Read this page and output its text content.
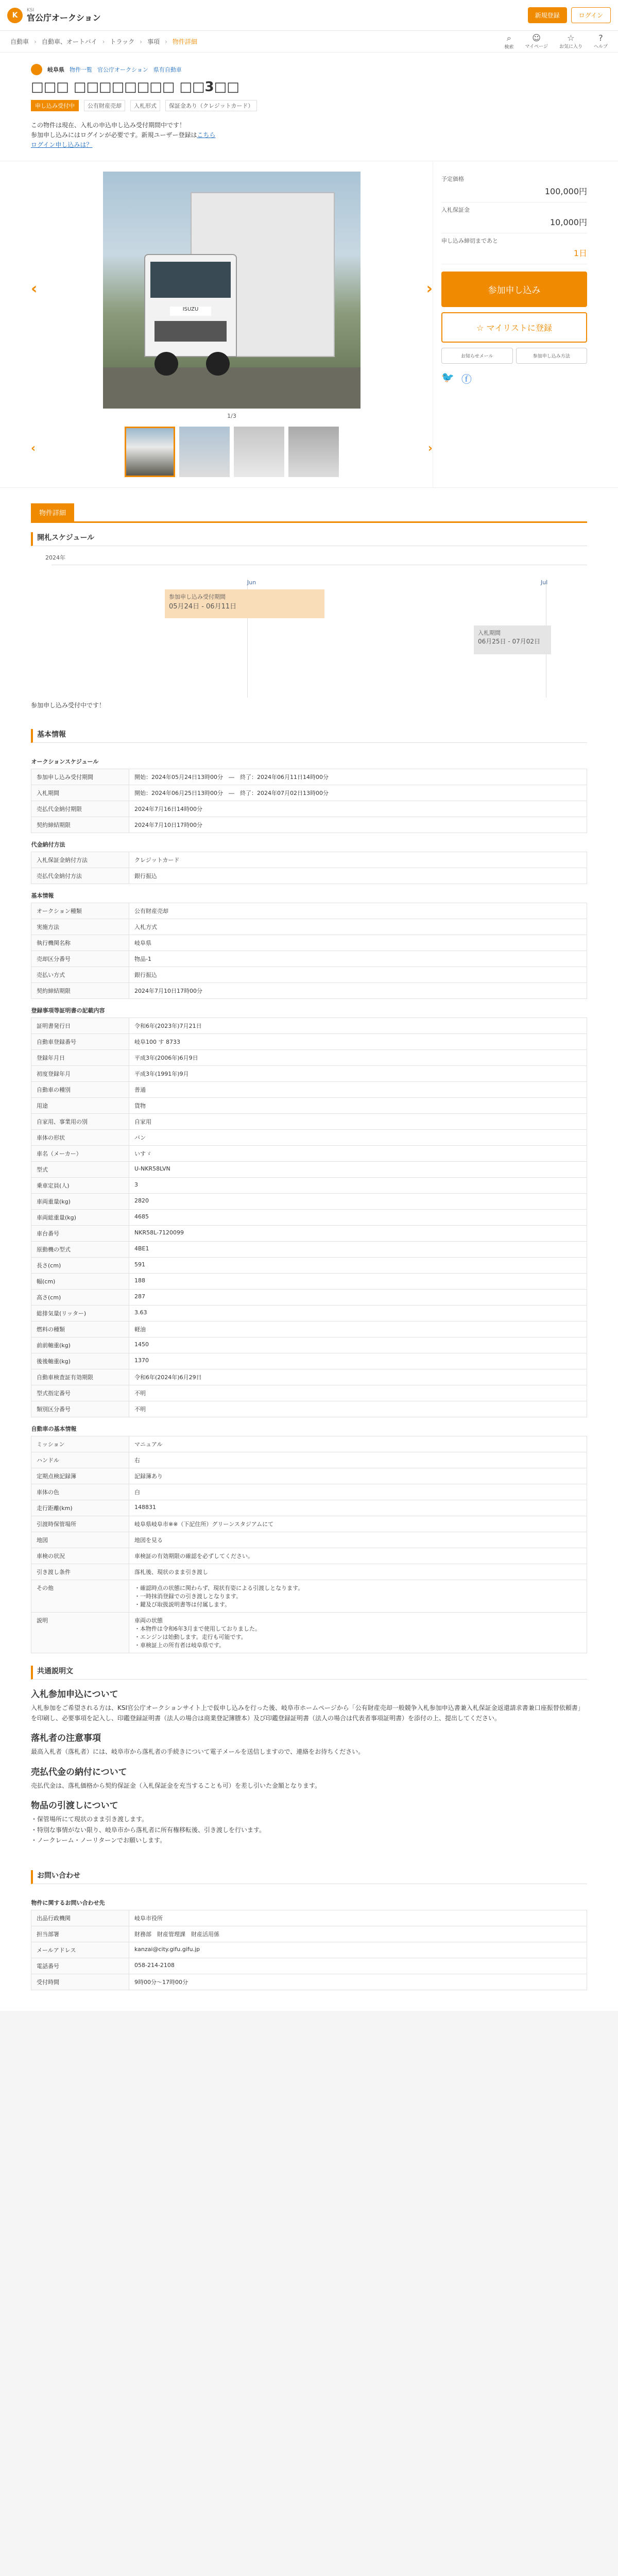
K
KSI
官公庁オークション	新規登録	ログイン
自動車 › 自動車、オートバイ › トラック › 事項 › 物件詳細	⌕
検索
☺
マイページ
☆
お気に入り
?
ヘルプ
岐阜県 物件一覧 官公庁オークション 県有自動車
□□□ □□□□□□□□ □□3□□
申し込み受付中	公有財産売却	入札形式	保証金あり（クレジットカード）
この物件は現在、入札の申込申し込み受付期間中です！
参加申し込みにはログインが必要です。新規ユーザー登録はこちら
ログイン申し込みは？
ISUZU
‹	›
1/3
‹	›
予定価格
100,000円
入札保証金
10,000円
申し込み締切まであと
1日
参加申し込み
☆ マイリストに登録
お知らせメール	参加申し込み方法
🐦 ⓕ
物件詳細
開札スケジュール
2024年
Jun	Jul
参加申し込み受付期間
05月24日 - 06月11日
入札期間
06月25日 - 07月02日
参加申し込み受付中です！
基本情報
オークションスケジュール	
参加申し込み受付期間	開始：2024年05月24日13時00分　―　終了：2024年06月11日14時00分
入札期間	開始：2024年06月25日13時00分　―　終了：2024年07月02日13時00分
売払代金納付期限	2024年7月16日14時00分
契約締結期限	2024年7月10日17時00分
代金納付方法	
入札保証金納付方法	クレジットカード
売払代金納付方法	銀行振込
基本情報	
オークション種類	公有財産売却
実施方法	入札方式
執行機関名称	岐阜県
売却区分番号	物品-1
売払い方式	銀行振込
契約締結期限	2024年7月10日17時00分
登録事項等証明書の記載内容	
証明書発行日	令和6年(2023年)7月21日
自動車登録番号	岐阜100 す 8733
登録年月日	平成3年(2006年)6月9日
初度登録年月	平成3年(1991年)9月
自動車の種別	普通
用途	貨物
自家用、事業用の別	自家用
車体の形状	バン
車名（メーカー）	いすゞ
型式	U-NKR58LVN
乗車定員(人)	3
車両重量(kg)	2820
車両総重量(kg)	4685
車台番号	NKR58L-7120099
原動機の型式	4BE1
長さ(cm)	591
幅(cm)	188
高さ(cm)	287
総排気量(リッター)	3.63
燃料の種類	軽油
前前軸重(kg)	1450
後後軸重(kg)	1370
自動車検査証有効期限	令和6年(2024年)6月29日
型式指定番号	不明
類別区分番号	不明
自動車の基本情報	
ミッション	マニュアル
ハンドル	右
定期点検記録簿	記録簿あり
車体の色	白
走行距離(km)	148831
引渡時保管場所	岐阜県岐阜市※※（下記住所）グリーンスタジアムにて
地図	地図を見る
車検の状況	車検証の有効期限の確認を必ずしてください。
引き渡し条件	落札後、現状のまま引き渡し
その他	・確認時点の状態に関わらず、現状有姿による引渡しとなります。
・一時抹消登録での引き渡しとなります。
・鍵及び取扱説明書等は付属します。
説明	車両の状態
・本物件は令和6年3月まで使用しておりました。
・エンジンは始動します。走行も可能です。
・車検証上の所有者は岐阜県です。
共通説明文
入札参加申込について

入札参加をご希望される方は、KSI官公庁オークションサイト上で仮申し込みを行った後、岐阜市ホームページから「公有財産売却一般競争入札参加申込書兼入札保証金返還請求書兼口座振替依頼書」を印刷し、必要事項を記入し、印鑑登録証明書（法人の場合は商業登記簿謄本）及び印鑑登録証明書（法人の場合は代表者事項証明書）を添付の上、提出してください。

落札者の注意事項

最高入札者（落札者）には、岐阜市から落札者の手続きについて電子メールを送信しますので、連絡をお待ちください。

売払代金の納付について

売払代金は、落札価格から契約保証金（入札保証金を充当することも可）を差し引いた金額となります。

物品の引渡しについて

・保管場所にて現状のまま引き渡します。
・特別な事情がない限り、岐阜市から落札者に所有権移転後、引き渡しを行います。
・ノークレーム・ノーリターンでお願いします。

お問い合わせ
物件に関するお問い合わせ先	
出品行政機関	岐阜市役所
担当部署	財務部　財産管理課　財産活用係
メールアドレス	kanzai@city.gifu.gifu.jp
電話番号	058-214-2108
受付時間	9時00分～17時00分
